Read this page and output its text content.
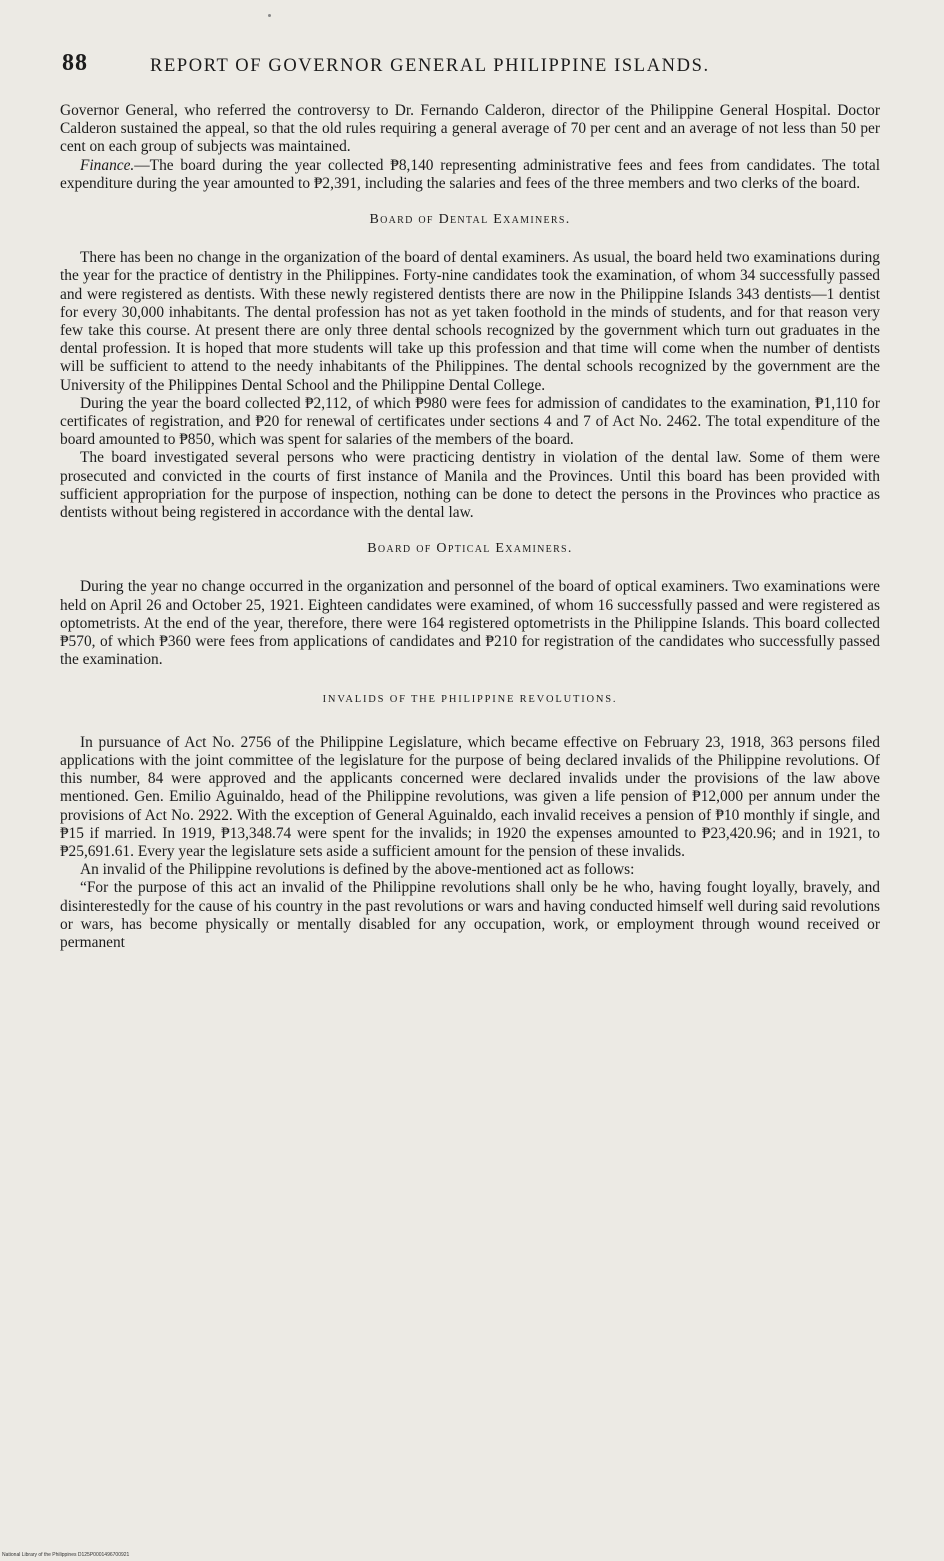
88	REPORT OF GOVERNOR GENERAL PHILIPPINE ISLANDS.

Governor General, who referred the controversy to Dr. Fernando Calderon, director of the Philippine General Hospital. Doctor Calderon sustained the appeal, so that the old rules requiring a general average of 70 per cent and an average of not less than 50 per cent on each group of subjects was maintained.

Finance.—The board during the year collected ₱8,140 representing administrative fees and fees from candidates. The total expenditure during the year amounted to ₱2,391, including the salaries and fees of the three members and two clerks of the board.

Board of Dental Examiners.

There has been no change in the organization of the board of dental examiners. As usual, the board held two examinations during the year for the practice of dentistry in the Philippines. Forty-nine candidates took the examination, of whom 34 successfully passed and were registered as dentists. With these newly registered dentists there are now in the Philippine Islands 343 dentists—1 dentist for every 30,000 inhabitants. The dental profession has not as yet taken foothold in the minds of students, and for that reason very few take this course. At present there are only three dental schools recognized by the government which turn out graduates in the dental profession. It is hoped that more students will take up this profession and that time will come when the number of dentists will be sufficient to attend to the needy inhabitants of the Philippines. The dental schools recognized by the government are the University of the Philippines Dental School and the Philippine Dental College.

During the year the board collected ₱2,112, of which ₱980 were fees for admission of candidates to the examination, ₱1,110 for certificates of registration, and ₱20 for renewal of certificates under sections 4 and 7 of Act No. 2462. The total expenditure of the board amounted to ₱850, which was spent for salaries of the members of the board.

The board investigated several persons who were practicing dentistry in violation of the dental law. Some of them were prosecuted and convicted in the courts of first instance of Manila and the Provinces. Until this board has been provided with sufficient appropriation for the purpose of inspection, nothing can be done to detect the persons in the Provinces who practice as dentists without being registered in accordance with the dental law.

Board of Optical Examiners.

During the year no change occurred in the organization and personnel of the board of optical examiners. Two examinations were held on April 26 and October 25, 1921. Eighteen candidates were examined, of whom 16 successfully passed and were registered as optometrists. At the end of the year, therefore, there were 164 registered optometrists in the Philippine Islands. This board collected ₱570, of which ₱360 were fees from applications of candidates and ₱210 for registration of the candidates who successfully passed the examination.

INVALIDS OF THE PHILIPPINE REVOLUTIONS.

In pursuance of Act No. 2756 of the Philippine Legislature, which became effective on February 23, 1918, 363 persons filed applications with the joint committee of the legislature for the purpose of being declared invalids of the Philippine revolutions. Of this number, 84 were approved and the applicants concerned were declared invalids under the provisions of the law above mentioned. Gen. Emilio Aguinaldo, head of the Philippine revolutions, was given a life pension of ₱12,000 per annum under the provisions of Act No. 2922. With the exception of General Aguinaldo, each invalid receives a pension of ₱10 monthly if single, and ₱15 if married. In 1919, ₱13,348.74 were spent for the invalids; in 1920 the expenses amounted to ₱23,420.96; and in 1921, to ₱25,691.61. Every year the legislature sets aside a sufficient amount for the pension of these invalids.

An invalid of the Philippine revolutions is defined by the above-mentioned act as follows:

“For the purpose of this act an invalid of the Philippine revolutions shall only be he who, having fought loyally, bravely, and disinterestedly for the cause of his country in the past revolutions or wars and having conducted himself well during said revolutions or wars, has become physically or mentally disabled for any occupation, work, or employment through wound received or permanent

National Library of the Philippines D125P0001496700921
